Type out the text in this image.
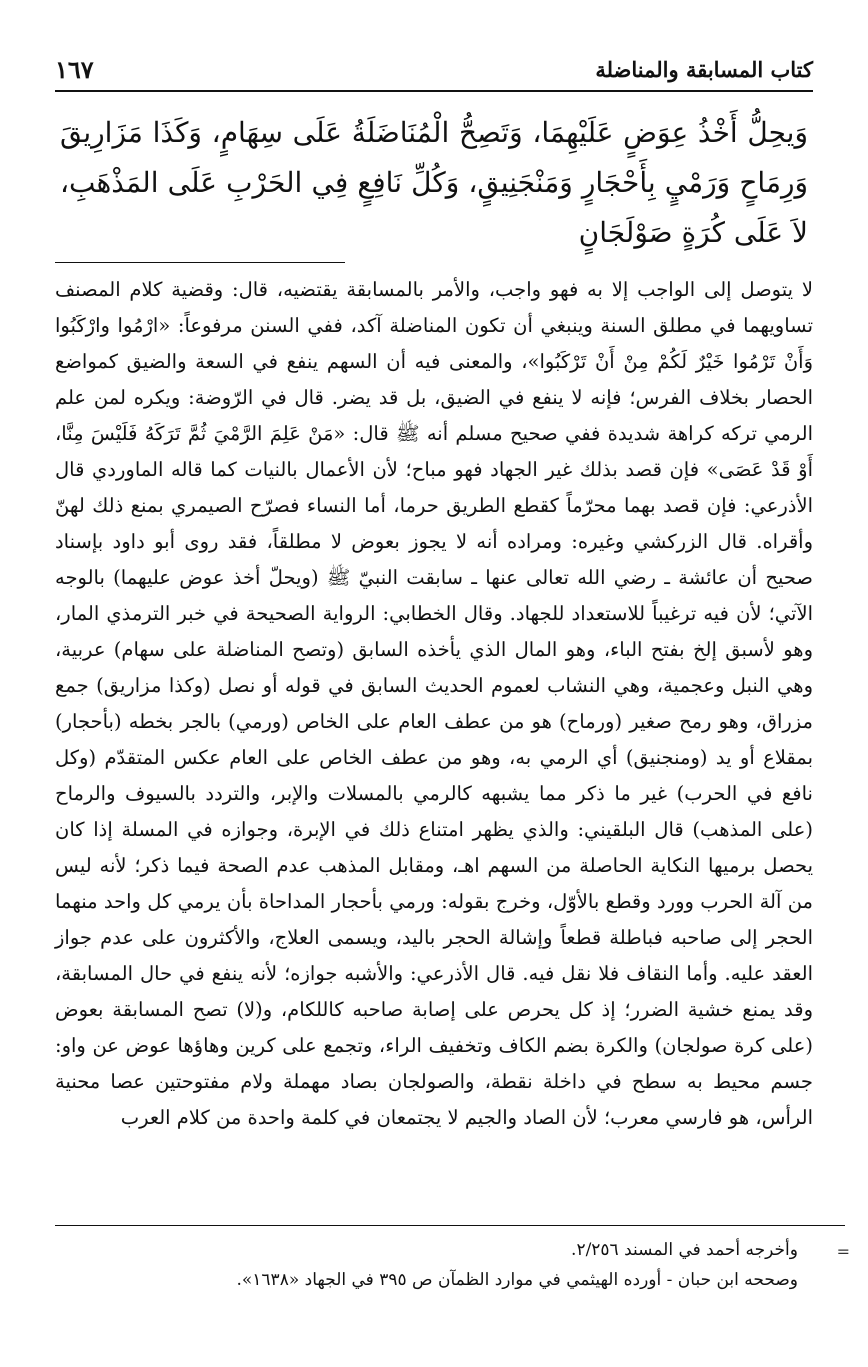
كتاب المسابقة والمناضلة
١٦٧

وَيحِلُّ أَخْذُ عِوَضٍ عَلَيْهِمَا، وَتَصِحُّ الْمُنَاضَلَةُ عَلَى سِهَامٍ، وَكَذَا مَزَارِيقَ وَرِمَاحٍ وَرَمْيٍ بِأَحْجَارٍ وَمَنْجَنِيقٍ، وَكُلِّ نَافِعٍ فِي الحَرْبِ عَلَى المَذْهَبِ، لاَ عَلَى كُرَةٍ صَوْلَجَانٍ

لا يتوصل إلى الواجب إلا به فهو واجب، والأمر بالمسابقة يقتضيه، قال: وقضية كلام المصنف تساويهما في مطلق السنة وينبغي أن تكون المناضلة آكد، ففي السنن مرفوعاً: «ارْمُوا وارْكَبُوا وَأَنْ تَرْمُوا خَيْرٌ لَكُمْ مِنْ أَنْ تَرْكَبُوا»، والمعنى فيه أن السهم ينفع في السعة والضيق كمواضع الحصار بخلاف الفرس؛ فإنه لا ينفع في الضيق، بل قد يضر. قال في الرّوضة: ويكره لمن علم الرمي تركه كراهة شديدة ففي صحيح مسلم أنه ﷺ قال: «مَنْ عَلِمَ الرَّمْيَ ثُمَّ تَرَكَهُ فَلَيْسَ مِنَّا، أَوْ قَدْ عَصَى» فإن قصد بذلك غير الجهاد فهو مباح؛ لأن الأعمال بالنيات كما قاله الماوردي قال الأذرعي: فإن قصد بهما محرّماً كقطع الطريق حرما، أما النساء فصرّح الصيمري بمنع ذلك لهنّ وأقراه. قال الزركشي وغيره: ومراده أنه لا يجوز بعوض لا مطلقاً، فقد روى أبو داود بإسناد صحيح أن عائشة ـ رضي الله تعالى عنها ـ سابقت النبيّ ﷺ (ويحلّ أخذ عوض عليهما) بالوجه الآتي؛ لأن فيه ترغيباً للاستعداد للجهاد. وقال الخطابي: الرواية الصحيحة في خبر الترمذي المار، وهو لأسبق إلخ بفتح الباء، وهو المال الذي يأخذه السابق (وتصح المناضلة على سهام) عربية، وهي النبل وعجمية، وهي النشاب لعموم الحديث السابق في قوله أو نصل (وكذا مزاريق) جمع مزراق، وهو رمح صغير (ورماح) هو من عطف العام على الخاص (ورمي) بالجر بخطه (بأحجار) بمقلاع أو يد (ومنجنيق) أي الرمي به، وهو من عطف الخاص على العام عكس المتقدّم (وكل نافع في الحرب) غير ما ذكر مما يشبهه كالرمي بالمسلات والإبر، والتردد بالسيوف والرماح (على المذهب) قال البلقيني: والذي يظهر امتناع ذلك في الإبرة، وجوازه في المسلة إذا كان يحصل برميها النكاية الحاصلة من السهم اهـ، ومقابل المذهب عدم الصحة فيما ذكر؛ لأنه ليس من آلة الحرب وورد وقطع بالأوّل، وخرج بقوله: ورمي بأحجار المداحاة بأن يرمي كل واحد منهما الحجر إلى صاحبه فباطلة قطعاً وإشالة الحجر باليد، ويسمى العلاج، والأكثرون على عدم جواز العقد عليه. وأما النقاف فلا نقل فيه. قال الأذرعي: والأشبه جوازه؛ لأنه ينفع في حال المسابقة، وقد يمنع خشية الضرر؛ إذ كل يحرص على إصابة صاحبه كاللكام، و(لا) تصح المسابقة بعوض (على كرة صولجان) والكرة بضم الكاف وتخفيف الراء، وتجمع على كرين وهاؤها عوض عن واو: جسم محيط به سطح في داخلة نقطة، والصولجان بصاد مهملة ولام مفتوحتين عصا محنية الرأس، هو فارسي معرب؛ لأن الصاد والجيم لا يجتمعان في كلمة واحدة من كلام العرب

=

وأخرجه أحمد في المسند ٢/٢٥٦.

وصححه ابن حبان - أورده الهيثمي في موارد الظمآن ص ٣٩٥ في الجهاد «١٦٣٨».
